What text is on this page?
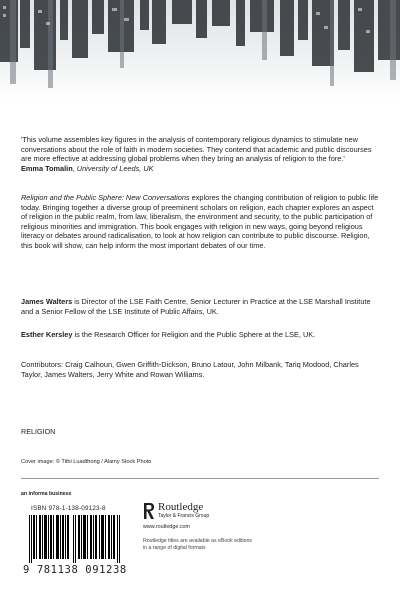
'This volume assembles key figures in the analysis of contemporary religious dynamics to stimulate new conversations about the role of faith in modern societies. They contend that academic and public discourses are more effective at addressing global problems when they bring an analysis of religion to the fore.'

Emma Tomalin, University of Leeds, UK

Religion and the Public Sphere: New Conversations explores the changing contribution of religion to public life today. Bringing together a diverse group of preeminent scholars on religion, each chapter explores an aspect of religion in the public realm, from law, liberalism, the environment and security, to the public participation of religious minorities and immigration. This book engages with religion in new ways, going beyond religious literacy or debates around radicalisation, to look at how religion can contribute to public discourse. Religion, this book will show, can help inform the most important debates of our time.

James Walters is Director of the LSE Faith Centre, Senior Lecturer in Practice at the LSE Marshall Institute and a Senior Fellow of the LSE Institute of Public Affairs, UK.

Esther Kersley is the Research Officer for Religion and the Public Sphere at the LSE, UK.

Contributors: Craig Calhoun, Gwen Griffith-Dickson, Bruno Latour, John Milbank, Tariq Modood, Charles Taylor, James Walters, Jerry White and Rowan Williams.

RELIGION
Cover image: © Tithi Luadthong / Alamy Stock Photo
an informa business
ISBN 978-1-138-09123-8
9 781138 091238
Routledge
Taylor & Francis Group
www.routledge.com
Routledge titles are available as eBook editions in a range of digital formats
